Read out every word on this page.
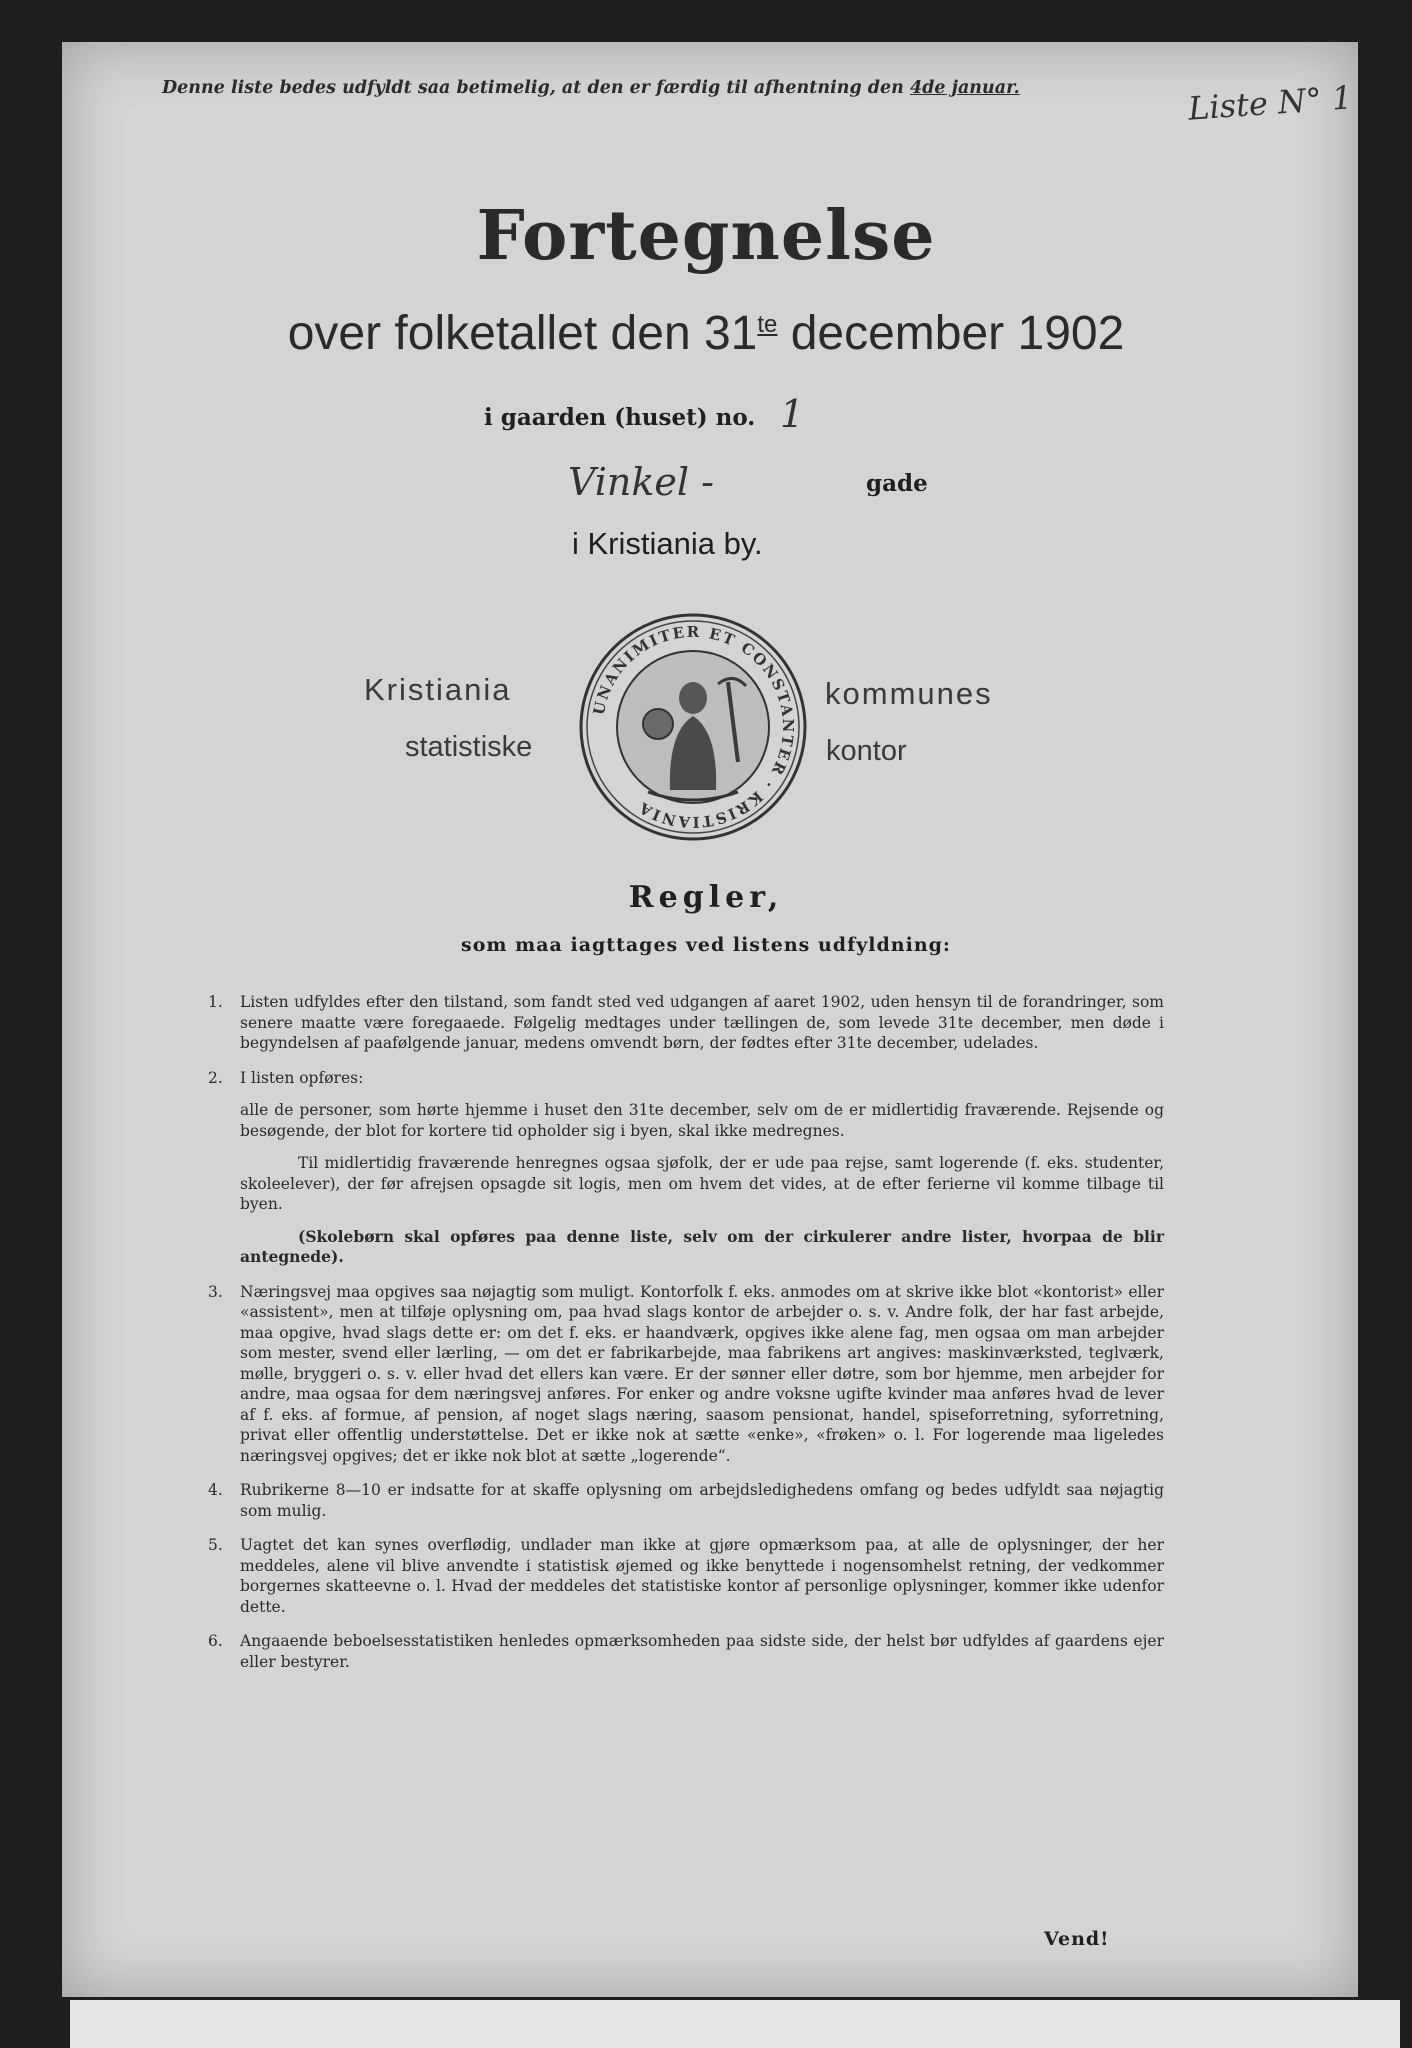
Denne liste bedes udfyldt saa betimelig, at den er færdig til afhentning den 4de januar.	Liste N° 1
Fortegnelse
over folketallet den $31^{te}$ december 1902
i gaarden (huset) no. 1
Vinkel -	gade
i Kristiania by.
Kristiania
statistiske
kommunes
kontor
UNANIMITER ET CONSTANTER · KRISTIANIA
Regler,
som maa iagttages ved listens udfyldning:
1. Listen udfyldes efter den tilstand, som fandt sted ved udgangen af aaret 1902, uden hensyn til de forandringer, som senere maatte være foregaaede. Følgelig medtages under tællingen de, som levede 31te december, men døde i begyndelsen af paafølgende januar, medens omvendt børn, der fødtes efter 31te december, udelades.

2. I listen opføres:

alle de personer, som hørte hjemme i huset den 31te december, selv om de er midlertidig fraværende. Rejsende og besøgende, der blot for kortere tid opholder sig i byen, skal ikke medregnes.

Til midlertidig fraværende henregnes ogsaa sjøfolk, der er ude paa rejse, samt logerende (f. eks. studenter, skoleelever), der før afrejsen opsagde sit logis, men om hvem det vides, at de efter ferierne vil komme tilbage til byen.

(Skolebørn skal opføres paa denne liste, selv om der cirkulerer andre lister, hvorpaa de blir antegnede).

3. Næringsvej maa opgives saa nøjagtig som muligt. Kontorfolk f. eks. anmodes om at skrive ikke blot «kontorist» eller «assistent», men at tilføje oplysning om, paa hvad slags kontor de arbejder o. s. v. Andre folk, der har fast arbejde, maa opgive, hvad slags dette er: om det f. eks. er haandværk, opgives ikke alene fag, men ogsaa om man arbejder som mester, svend eller lærling, — om det er fabrikarbejde, maa fabrikens art angives: maskinværksted, teglværk, mølle, bryggeri o. s. v. eller hvad det ellers kan være. Er der sønner eller døtre, som bor hjemme, men arbejder for andre, maa ogsaa for dem næringsvej anføres. For enker og andre voksne ugifte kvinder maa anføres hvad de lever af f. eks. af formue, af pension, af noget slags næring, saasom pensionat, handel, spiseforretning, syforretning, privat eller offentlig understøttelse. Det er ikke nok at sætte «enke», «frøken» o. l. For logerende maa ligeledes næringsvej opgives; det er ikke nok blot at sætte „logerende“.

4. Rubrikerne 8—10 er indsatte for at skaffe oplysning om arbejdsledighedens omfang og bedes udfyldt saa nøjagtig som mulig.

5. Uagtet det kan synes overflødig, undlader man ikke at gjøre opmærksom paa, at alle de oplysninger, der her meddeles, alene vil blive anvendte i statistisk øjemed og ikke benyttede i nogensomhelst retning, der vedkommer borgernes skatteevne o. l. Hvad der meddeles det statistiske kontor af personlige oplysninger, kommer ikke udenfor dette.

6. Angaaende beboelsesstatistiken henledes opmærksomheden paa sidste side, der helst bør udfyldes af gaardens ejer eller bestyrer.

Vend!
